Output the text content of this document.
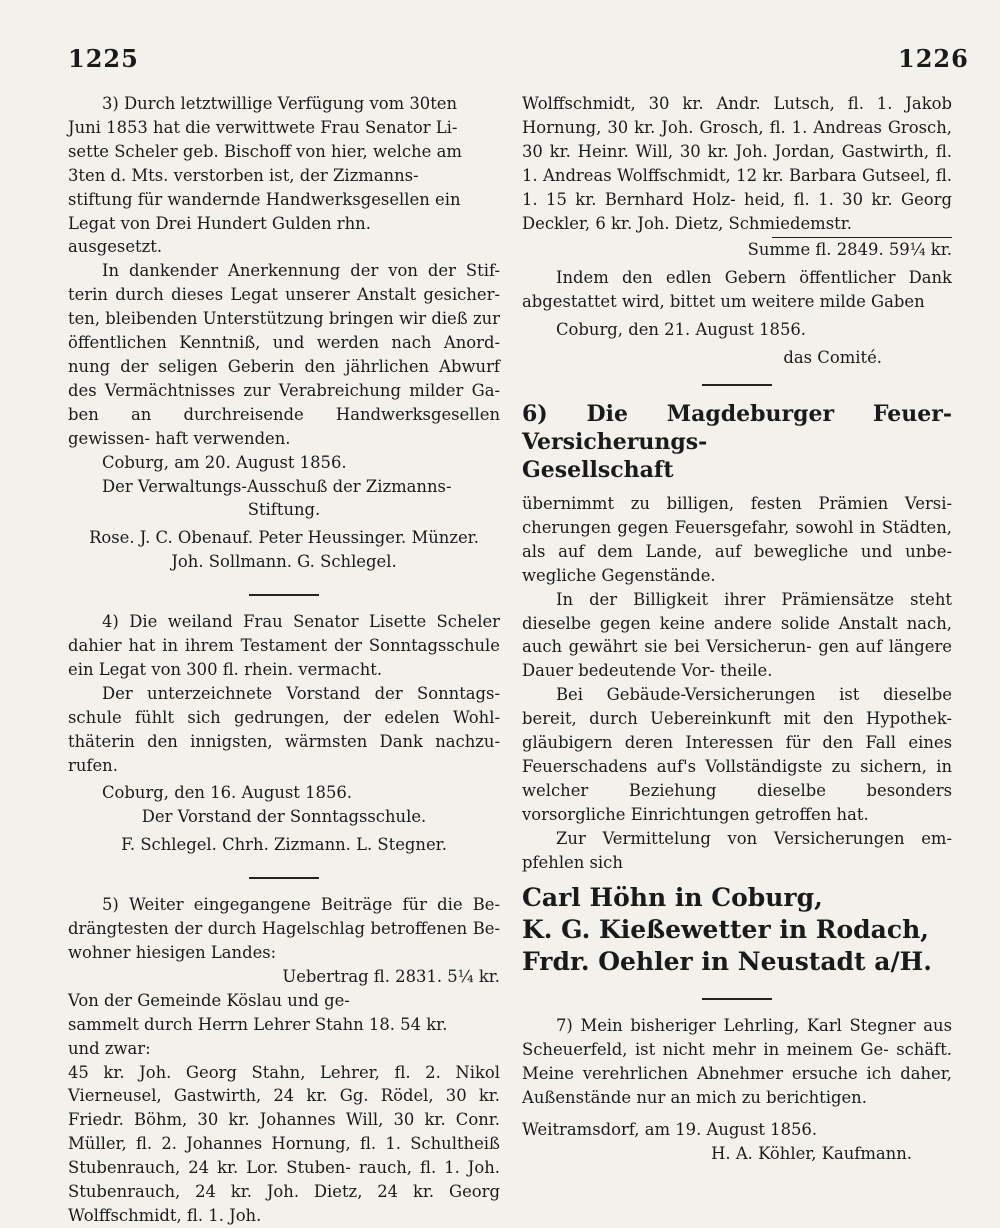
1225	1226

3) Durch letztwillige Verfügung vom 30ten

Juni 1853 hat die verwittwete Frau Senator Li-

sette Scheler geb. Bischoff von hier, welche am

3ten d. Mts. verstorben ist, der Zizmanns-

stiftung für wandernde Handwerksgesellen ein

Legat von Drei Hundert Gulden rhn.

ausgesetzt.

In dankender Anerkennung der von der Stif- terin durch dieses Legat unserer Anstalt gesicher- ten, bleibenden Unterstützung bringen wir dieß zur öffentlichen Kenntniß, und werden nach Anord- nung der seligen Geberin den jährlichen Abwurf des Vermächtnisses zur Verabreichung milder Ga- ben an durchreisende Handwerksgesellen gewissen- haft verwenden.

Coburg, am 20. August 1856.

Der Verwaltungs-Ausschuß der Zizmanns-

Stiftung.

Rose. J. C. Obenauf. Peter Heussinger. Münzer.

Joh. Sollmann. G. Schlegel.

4) Die weiland Frau Senator Lisette Scheler dahier hat in ihrem Testament der Sonntagsschule ein Legat von 300 fl. rhein. vermacht.

Der unterzeichnete Vorstand der Sonntags- schule fühlt sich gedrungen, der edelen Wohl- thäterin den innigsten, wärmsten Dank nachzu- rufen.

Coburg, den 16. August 1856.

Der Vorstand der Sonntagsschule.

F. Schlegel. Chrh. Zizmann. L. Stegner.

5) Weiter eingegangene Beiträge für die Be- drängtesten der durch Hagelschlag betroffenen Be- wohner hiesigen Landes:

Uebertrag fl. 2831. 5¼ kr.

Von der Gemeinde Köslau und ge-

sammelt durch Herrn Lehrer Stahn 18. 54 kr.

und zwar:

45 kr. Joh. Georg Stahn, Lehrer, fl. 2. Nikol Vierneusel, Gastwirth, 24 kr. Gg. Rödel, 30 kr. Friedr. Böhm, 30 kr. Johannes Will, 30 kr. Conr. Müller, fl. 2. Johannes Hornung, fl. 1. Schultheiß Stubenrauch, 24 kr. Lor. Stuben- rauch, fl. 1. Joh. Stubenrauch, 24 kr. Joh. Dietz, 24 kr. Georg Wolffschmidt, fl. 1. Joh.

Wolffschmidt, 30 kr. Andr. Lutsch, fl. 1. Jakob Hornung, 30 kr. Joh. Grosch, fl. 1. Andreas Grosch, 30 kr. Heinr. Will, 30 kr. Joh. Jordan, Gastwirth, fl. 1. Andreas Wolffschmidt, 12 kr. Barbara Gutseel, fl. 1. 15 kr. Bernhard Holz- heid, fl. 1. 30 kr. Georg Deckler, 6 kr. Joh. Dietz, Schmiedemstr.

Summe fl. 2849. 59¼ kr.

Indem den edlen Gebern öffentlicher Dank abgestattet wird, bittet um weitere milde Gaben

Coburg, den 21. August 1856.

das Comité.

6) Die Magdeburger Feuer-Versicherungs-

Gesellschaft

übernimmt zu billigen, festen Prämien Versi- cherungen gegen Feuersgefahr, sowohl in Städten, als auf dem Lande, auf bewegliche und unbe- wegliche Gegenstände.

In der Billigkeit ihrer Prämiensätze steht dieselbe gegen keine andere solide Anstalt nach, auch gewährt sie bei Versicherun- gen auf längere Dauer bedeutende Vor- theile.

Bei Gebäude-Versicherungen ist dieselbe bereit, durch Uebereinkunft mit den Hypothek- gläubigern deren Interessen für den Fall eines Feuerschadens auf's Vollständigste zu sichern, in welcher Beziehung dieselbe besonders vorsorgliche Einrichtungen getroffen hat.

Zur Vermittelung von Versicherungen em- pfehlen sich

Carl Höhn in Coburg,

K. G. Kießewetter in Rodach,

Frdr. Oehler in Neustadt a/H.

7) Mein bisheriger Lehrling, Karl Stegner aus Scheuerfeld, ist nicht mehr in meinem Ge- schäft. Meine verehrlichen Abnehmer ersuche ich daher, Außenstände nur an mich zu berichtigen.

Weitramsdorf, am 19. August 1856.

H. A. Köhler, Kaufmann.
